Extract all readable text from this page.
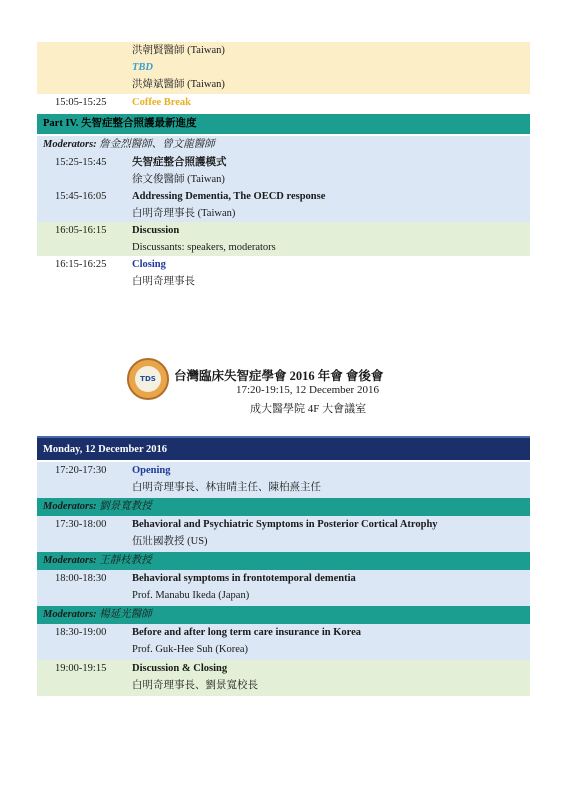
洪朝賢醫師 (Taiwan)
TBD
洪煒斌醫師 (Taiwan)
15:05-15:25 Coffee Break
Part IV. 失智症整合照護最新進度
Moderators: 詹金烈醫師、曾文龍醫師
15:25-15:45 失智症整合照護模式
徐文俊醫師 (Taiwan)
15:45-16:05 Addressing Dementia, The OECD response
白明奇理事長 (Taiwan)
16:05-16:15 Discussion
Discussants: speakers, moderators
16:15-16:25 Closing
白明奇理事長
TDS	台灣臨床失智症學會 2016 年會 會後會
17:20-19:15, 12 December 2016
成大醫學院 4F 大會議室
Monday, 12 December 2016
17:20-17:30 Opening
白明奇理事長、林宙晴主任、陳柏熹主任
Moderators: 劉景寬教授
17:30-18:00 Behavioral and Psychiatric Symptoms in Posterior Cortical Atrophy
伍壯國教授 (US)
Moderators: 王靜枝教授
18:00-18:30 Behavioral symptoms in frontotemporal dementia
Prof. Manabu Ikeda (Japan)
Moderators: 楊延光醫師
18:30-19:00 Before and after long term care insurance in Korea
Prof. Guk-Hee Suh (Korea)
19:00-19:15 Discussion & Closing
白明奇理事長、劉景寬校長
